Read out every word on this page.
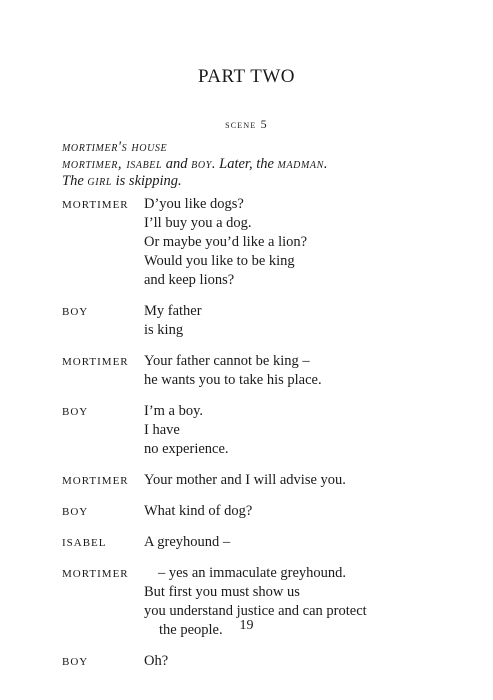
PART TWO
scene 5
mortimer's house
mortimer, isabel and boy. Later, the madman.
The girl is skipping.
MORTIMER	D’you like dogs?
I’ll buy you a dog.
Or maybe you’d like a lion?
Would you like to be king
and keep lions?
BOY	My father
is king
MORTIMER	Your father cannot be king –
he wants you to take his place.
BOY	I’m a boy.
I have
no experience.
MORTIMER	Your mother and I will advise you.
BOY	What kind of dog?
ISABEL	A greyhound –
MORTIMER	– yes an immaculate greyhound.
But first you must show us
you understand justice and can protect
the people.
BOY	Oh?
19
